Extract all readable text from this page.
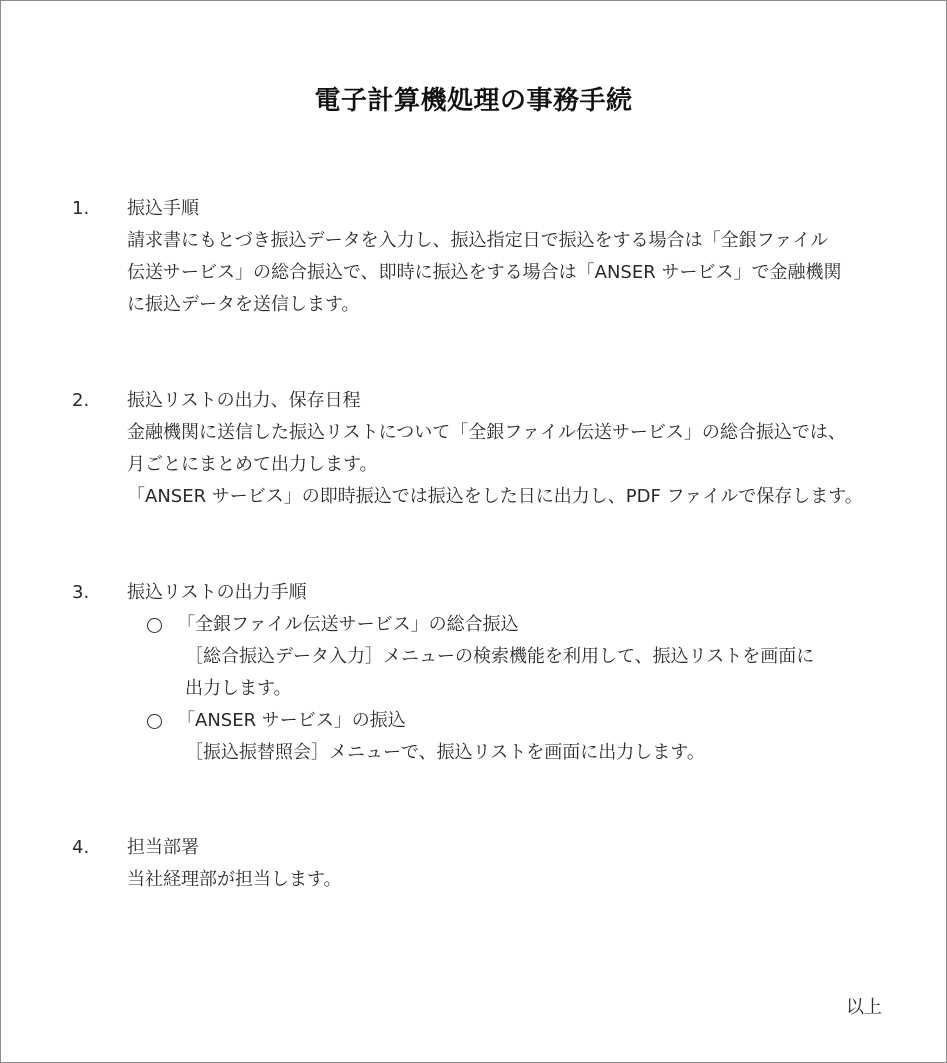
電子計算機処理の事務手続
1. 振込手順
請求書にもとづき振込データを入力し、振込指定日で振込をする場合は「全銀ファイル
伝送サービス」の総合振込で、即時に振込をする場合は「ANSER サービス」で金融機関
に振込データを送信します。
2. 振込リストの出力、保存日程
金融機関に送信した振込リストについて「全銀ファイル伝送サービス」の総合振込では、
月ごとにまとめて出力します。
「ANSER サービス」の即時振込では振込をした日に出力し、PDF ファイルで保存します。
3. 振込リストの出力手順
「全銀ファイル伝送サービス」の総合振込
［総合振込データ入力］メニューの検索機能を利用して、振込リストを画面に
出力します。
「ANSER サービス」の振込
［振込振替照会］メニューで、振込リストを画面に出力します。
4. 担当部署
当社経理部が担当します。
以上
